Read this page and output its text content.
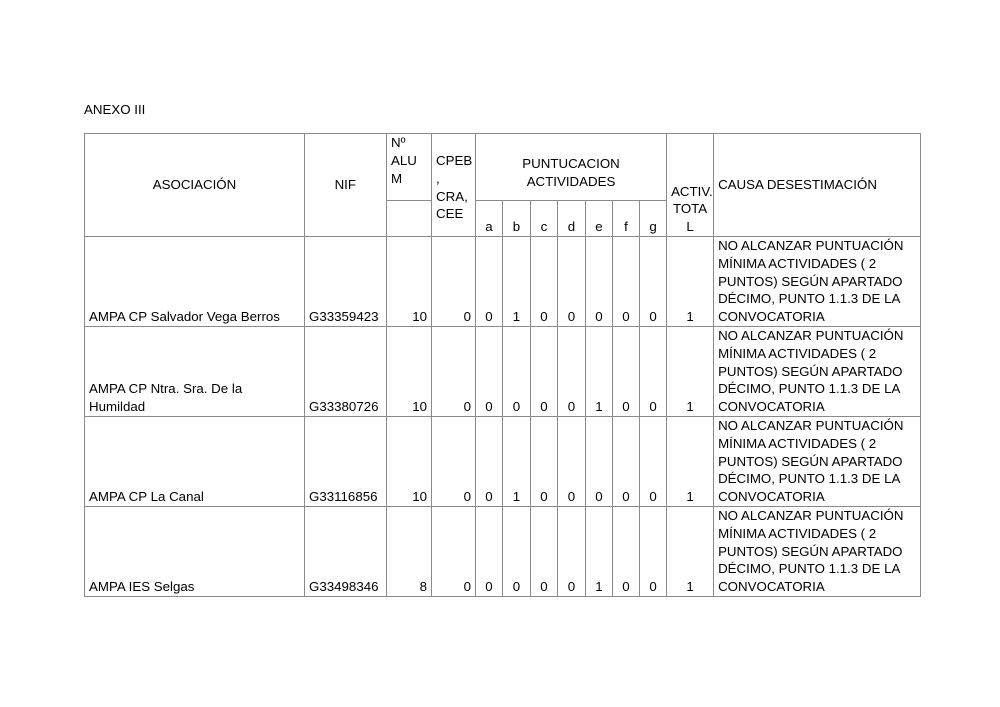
ANEXO III
ASOCIACIÓN	NIF	Nº ALU M	CPEB , CRA, CEE	PUNTUCACION ACTIVIDADES							ACTIV. TOTA L	CAUSA DESESTIMACIÓN
				a	b	c	d	e	f	g		
AMPA CP Salvador Vega Berros	G33359423	10	0	0	1	0	0	0	0	0	1	NO ALCANZAR PUNTUACIÓN MÍNIMA ACTIVIDADES ( 2 PUNTOS) SEGÚN APARTADO DÉCIMO, PUNTO 1.1.3 DE LA CONVOCATORIA
AMPA CP Ntra. Sra. De la Humildad	G33380726	10	0	0	0	0	0	1	0	0	1	NO ALCANZAR PUNTUACIÓN MÍNIMA ACTIVIDADES ( 2 PUNTOS) SEGÚN APARTADO DÉCIMO, PUNTO 1.1.3 DE LA CONVOCATORIA
AMPA CP La Canal	G33116856	10	0	0	1	0	0	0	0	0	1	NO ALCANZAR PUNTUACIÓN MÍNIMA ACTIVIDADES ( 2 PUNTOS) SEGÚN APARTADO DÉCIMO, PUNTO 1.1.3 DE LA CONVOCATORIA
AMPA IES Selgas	G33498346	8	0	0	0	0	0	1	0	0	1	NO ALCANZAR PUNTUACIÓN MÍNIMA ACTIVIDADES ( 2 PUNTOS) SEGÚN APARTADO DÉCIMO, PUNTO 1.1.3 DE LA CONVOCATORIA
